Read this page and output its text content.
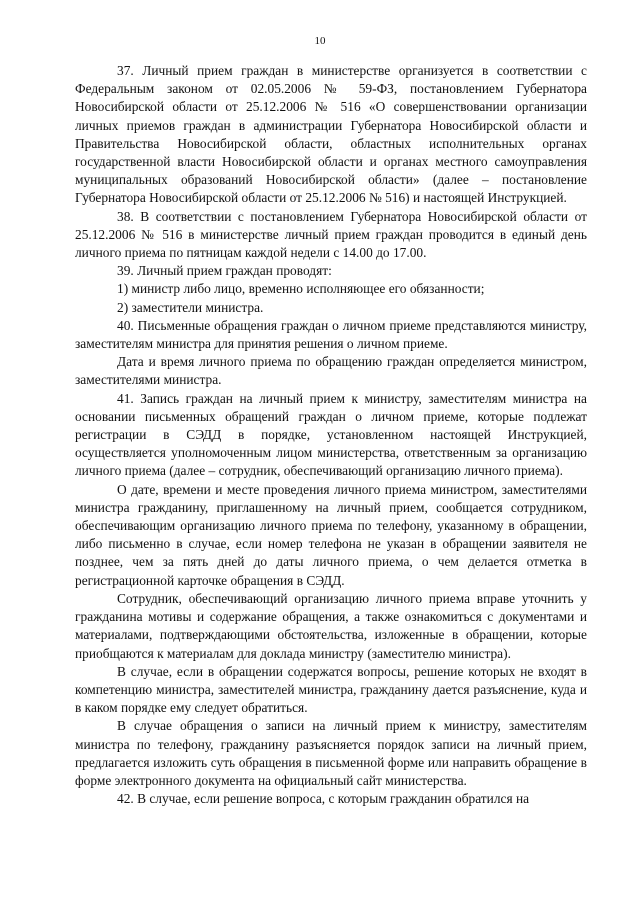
10

37. Личный прием граждан в министерстве организуется в соответствии с Федеральным законом от 02.05.2006 № 59-ФЗ, постановлением Губернатора Новосибирской области от 25.12.2006 № 516 «О совершенствовании организации личных приемов граждан в администрации Губернатора Новосибирской области и Правительства Новосибирской области, областных исполнительных органах государственной власти Новосибирской области и органах местного самоуправления муниципальных образований Новосибирской области» (далее – постановление Губернатора Новосибирской области от 25.12.2006 № 516) и настоящей Инструкцией.

38. В соответствии с постановлением Губернатора Новосибирской области от 25.12.2006 № 516 в министерстве личный прием граждан проводится в единый день личного приема по пятницам каждой недели с 14.00 до 17.00.

39. Личный прием граждан проводят:

1) министр либо лицо, временно исполняющее его обязанности;

2) заместители министра.

40. Письменные обращения граждан о личном приеме представляются министру, заместителям министра для принятия решения о личном приеме.

Дата и время личного приема по обращению граждан определяется министром, заместителями министра.

41. Запись граждан на личный прием к министру, заместителям министра на основании письменных обращений граждан о личном приеме, которые подлежат регистрации в СЭДД в порядке, установленном настоящей Инструкцией, осуществляется уполномоченным лицом министерства, ответственным за организацию личного приема (далее – сотрудник, обеспечивающий организацию личного приема).

О дате, времени и месте проведения личного приема министром, заместителями министра гражданину, приглашенному на личный прием, сообщается сотрудником, обеспечивающим организацию личного приема по телефону, указанному в обращении, либо письменно в случае, если номер телефона не указан в обращении заявителя не позднее, чем за пять дней до даты личного приема, о чем делается отметка в регистрационной карточке обращения в СЭДД.

Сотрудник, обеспечивающий организацию личного приема вправе уточнить у гражданина мотивы и содержание обращения, а также ознакомиться с документами и материалами, подтверждающими обстоятельства, изложенные в обращении, которые приобщаются к материалам для доклада министру (заместителю министра).

В случае, если в обращении содержатся вопросы, решение которых не входят в компетенцию министра, заместителей министра, гражданину дается разъяснение, куда и в каком порядке ему следует обратиться.

В случае обращения о записи на личный прием к министру, заместителям министра по телефону, гражданину разъясняется порядок записи на личный прием, предлагается изложить суть обращения в письменной форме или направить обращение в форме электронного документа на официальный сайт министерства.

42. В случае, если решение вопроса, с которым гражданин обратился на
